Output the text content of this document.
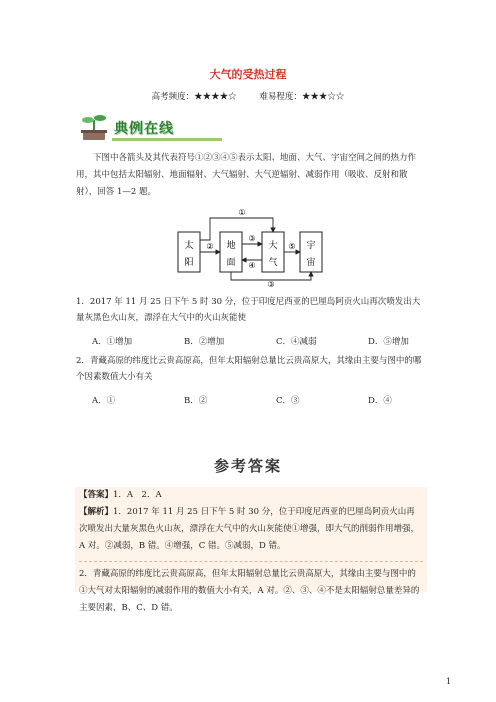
大气的受热过程
高考频度：★★★★☆	难易程度：★★★☆☆
典例在线
下图中各箭头及其代表符号①②③④⑤表示太阳、地面、大气、宇宙空间之间的热力作用，其中包括太阳辐射、地面辐射、大气辐射、大气逆辐射、减弱作用（吸收、反射和散射），回答 1—2 题。
太
阳
地
面
大
气
宇
宙
①
②
③
④
⑤
③
1．2017 年 11 月 25 日下午 5 时 30 分，位于印度尼西亚的巴厘岛阿贡火山再次喷发出大量灰黑色火山灰，漂浮在大气中的火山灰能使
A．①增加	B．②增加	C．④减弱	D．⑤增加
2．青藏高原的纬度比云贵高原高，但年太阳辐射总量比云贵高原大，其缘由主要与图中的哪个因素数值大小有关
A．①	B．②	C．③	D．④
参考答案
【答案】1．A　2．A
【解析】1．2017 年 11 月 25 日下午 5 时 30 分，位于印度尼西亚的巴厘岛阿贡火山再次喷发出大量灰黑色火山灰，漂浮在大气中的火山灰能使①增强，即大气的削弱作用增强，A 对。②减弱，B 错。④增强，C 错。⑤减弱，D 错。
2．青藏高原的纬度比云贵高原高，但年太阳辐射总量比云贵高原大，其缘由主要与图中的①大气对太阳辐射的减弱作用的数值大小有关，A 对。②、③、④不是太阳辐射总量差异的主要因素，B、C、D 错。
1
